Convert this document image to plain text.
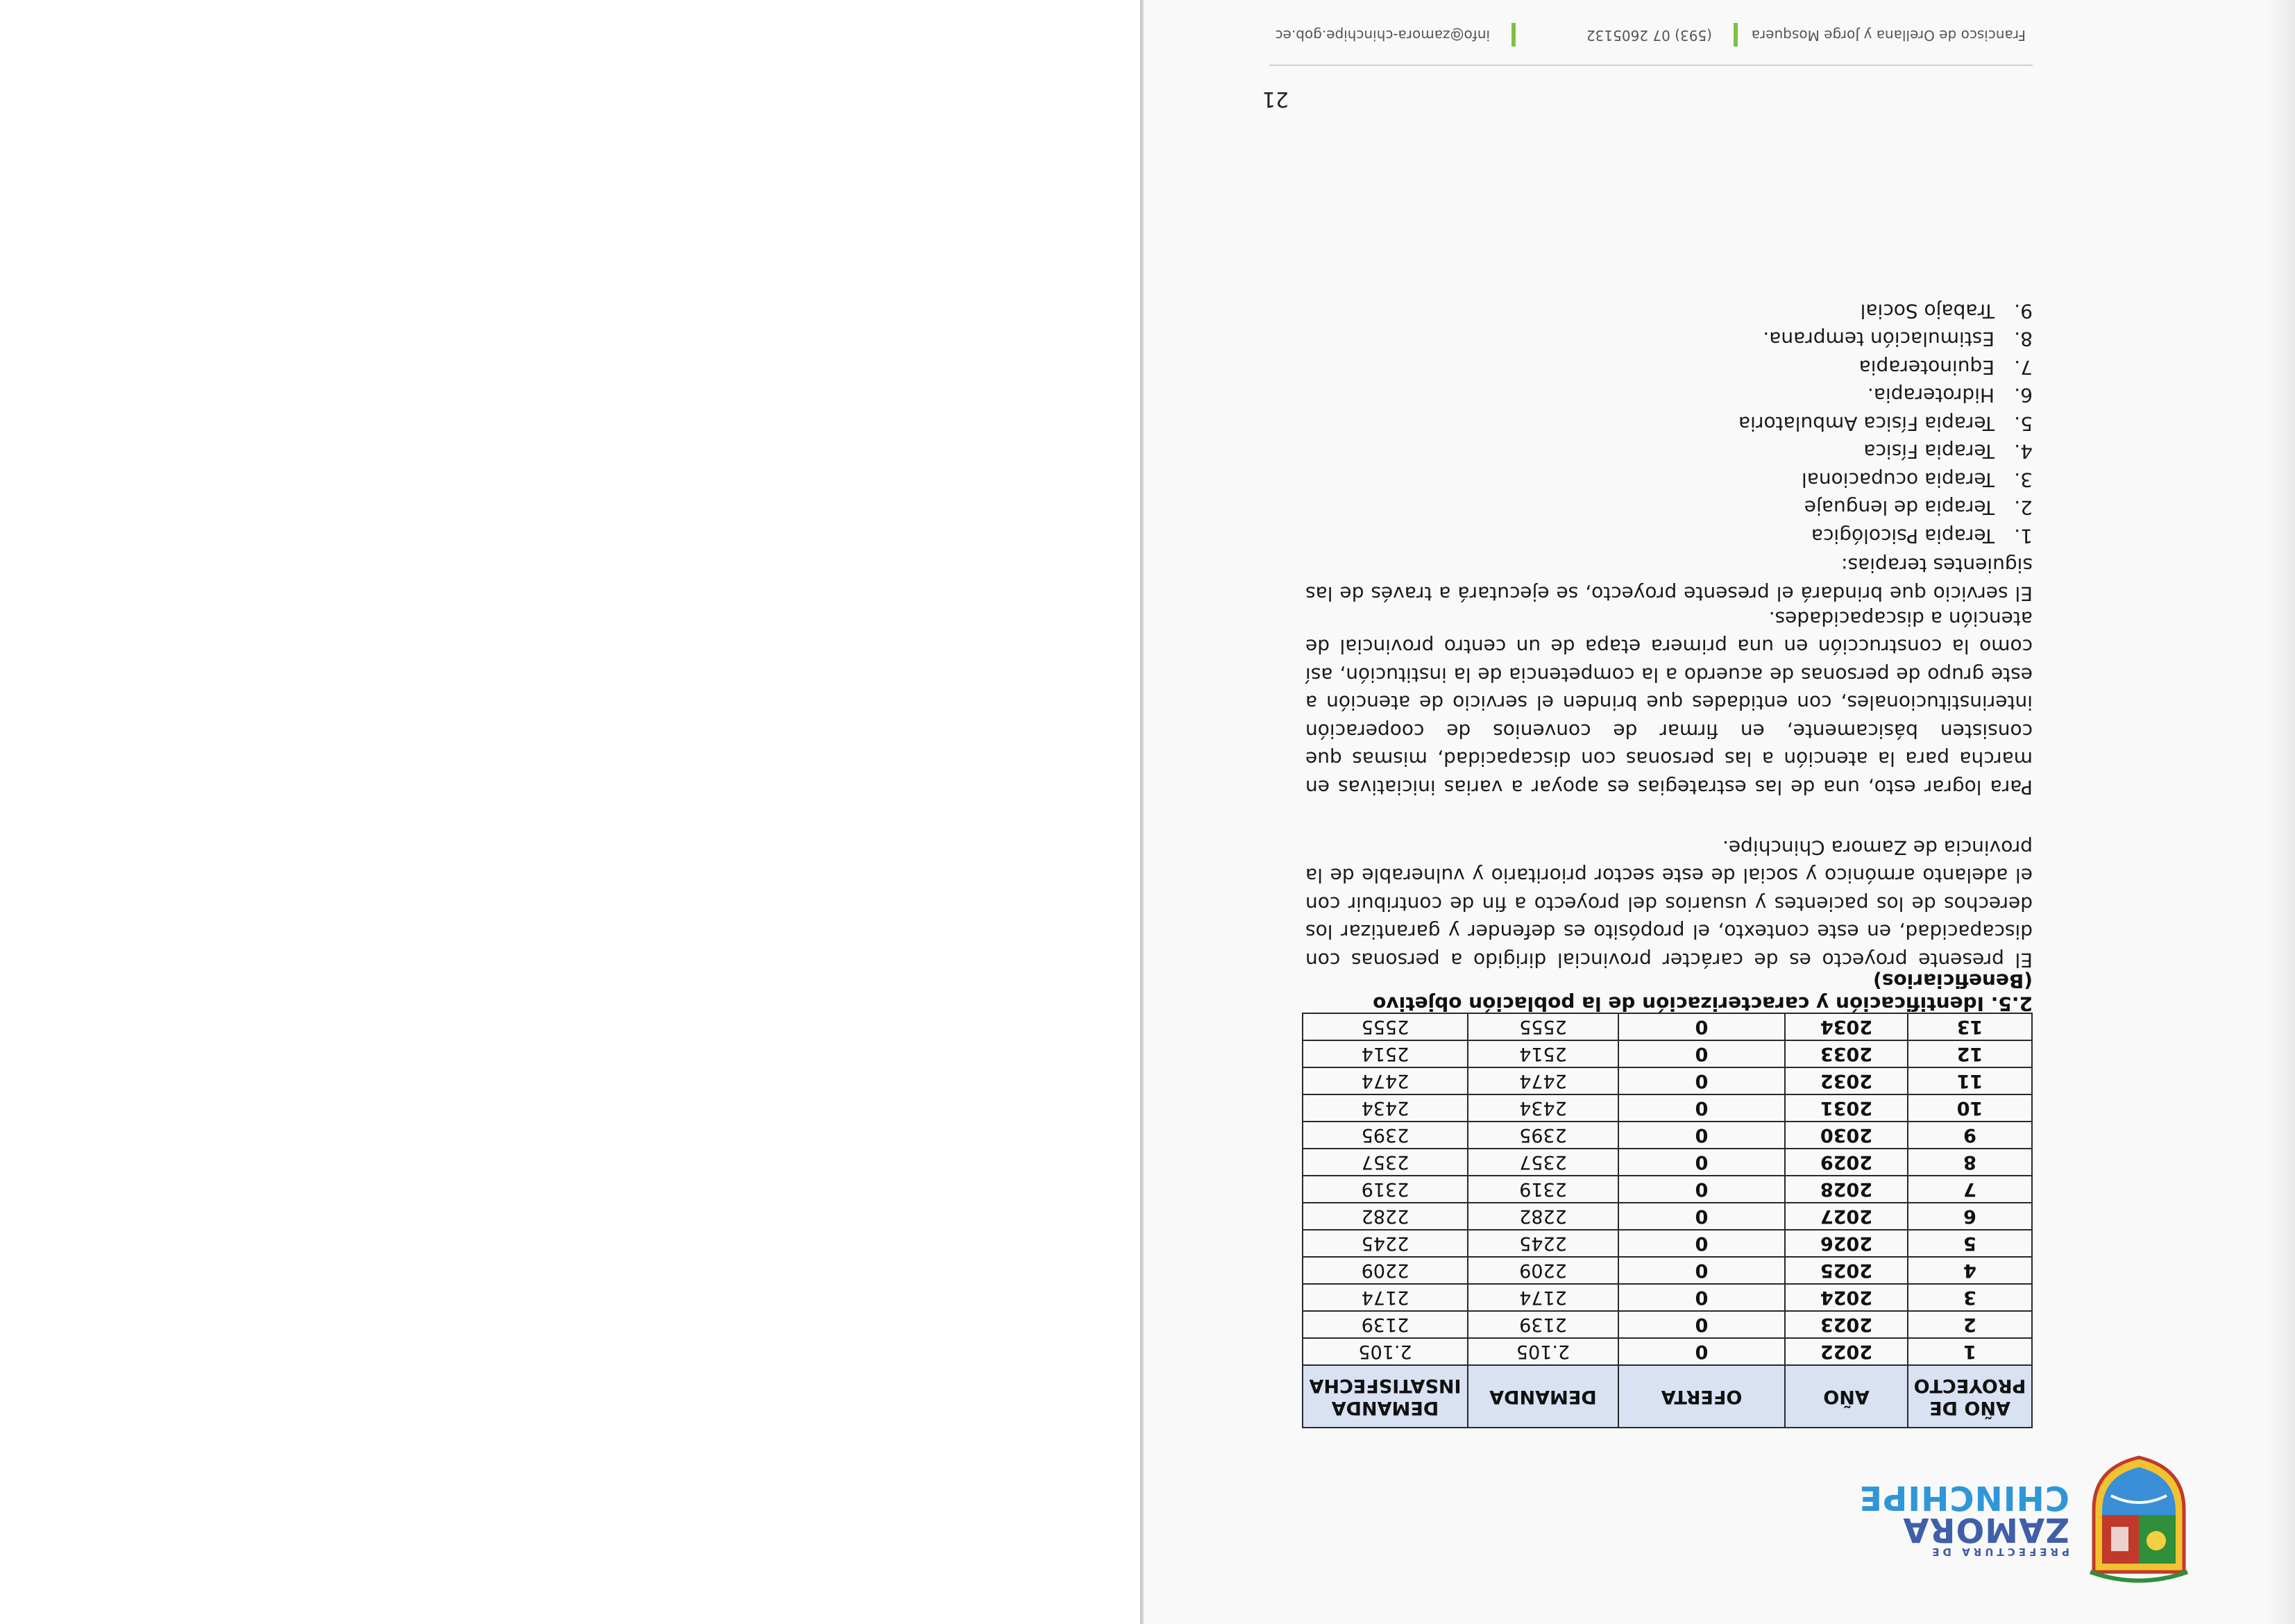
PREFECTURA DE
ZAMORA
CHINCHIPE
AÑO DE PROYECTO	AÑO	OFERTA	DEMANDA	DEMANDA INSATISFECHA
1	2022	0	2.105	2.105
2	2023	0	2139	2139
3	2024	0	2174	2174
4	2025	0	2209	2209
5	2026	0	2245	2245
6	2027	0	2282	2282
7	2028	0	2319	2319
8	2029	0	2357	2357
9	2030	0	2395	2395
10	2031	0	2434	2434
11	2032	0	2474	2474
12	2033	0	2514	2514
13	2034	0	2555	2555
2.5. Identificación y caracterización de la población objetivo (Beneficiarios)

El presente proyecto es de carácter provincial dirigido a personas con discapacidad, en este contexto, el propósito es defender y garantizar los derechos de los pacientes y usuarios del proyecto a fin de contribuir con el adelanto armónico y social de este sector prioritario y vulnerable de la provincia de Zamora Chinchipe.

Para lograr esto, una de las estrategias es apoyar a varias iniciativas en marcha para la atención a las personas con discapacidad, mismas que consisten básicamente, en firmar de convenios de cooperación interinstitucionales, con entidades que brinden el servicio de atención a este grupo de personas de acuerdo a la competencia de la institución, así como la construcción en una primera etapa de un centro provincial de atención a discapacidades.

El servicio que brindará el presente proyecto, se ejecutará a través de las siguientes terapias:

1.
Terapia Psicológica
2.
Terapia de lenguaje
3.
Terapia ocupacional
4.
Terapia Física
5.
Terapia Física Ambulatoria
6.
Hidroterapia.
7.
Equinoterapia
8.
Estimulación temprana.
9.
Trabajo Social
21
Francisco de Orellana y Jorge Mosquera
(593) 07 2605132
info@zamora-chinchipe.gob.ec
